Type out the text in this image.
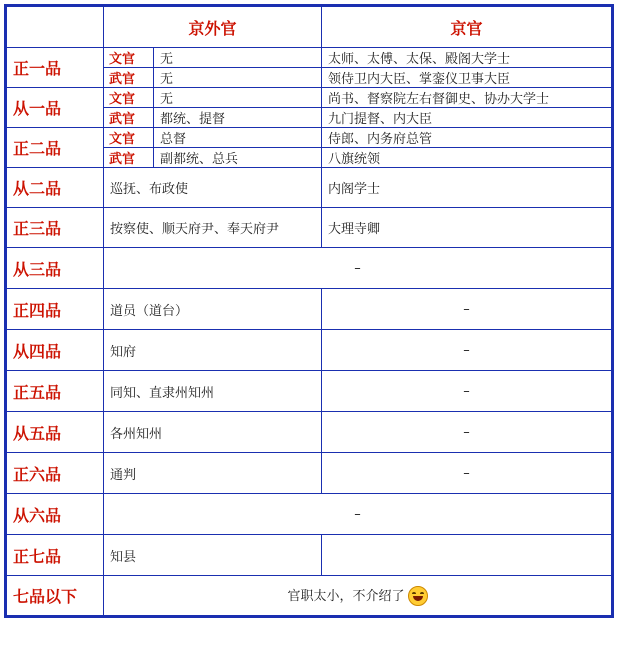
	京外官		京官
正一品	文官	无	太师、太傅、太保、殿阁大学士
	武官	无	领侍卫内大臣、掌銮仪卫事大臣
从一品	文官	无	尚书、督察院左右督御史、协办大学士
	武官	都统、提督	九门提督、内大臣
正二品	文官	总督	侍郎、内务府总管
	武官	副都统、总兵	八旗统领
从二品	巡抚、布政使		内阁学士
正三品	按察使、顺天府尹、奉天府尹		大理寺卿
从三品	–		
正四品	道员（道台）		–
从四品	知府		–
正五品	同知、直隶州知州		–
从五品	各州知州		–
正六品	通判		–
从六品	–		
正七品	知县		
七品以下	官职太小，不介绍了		
